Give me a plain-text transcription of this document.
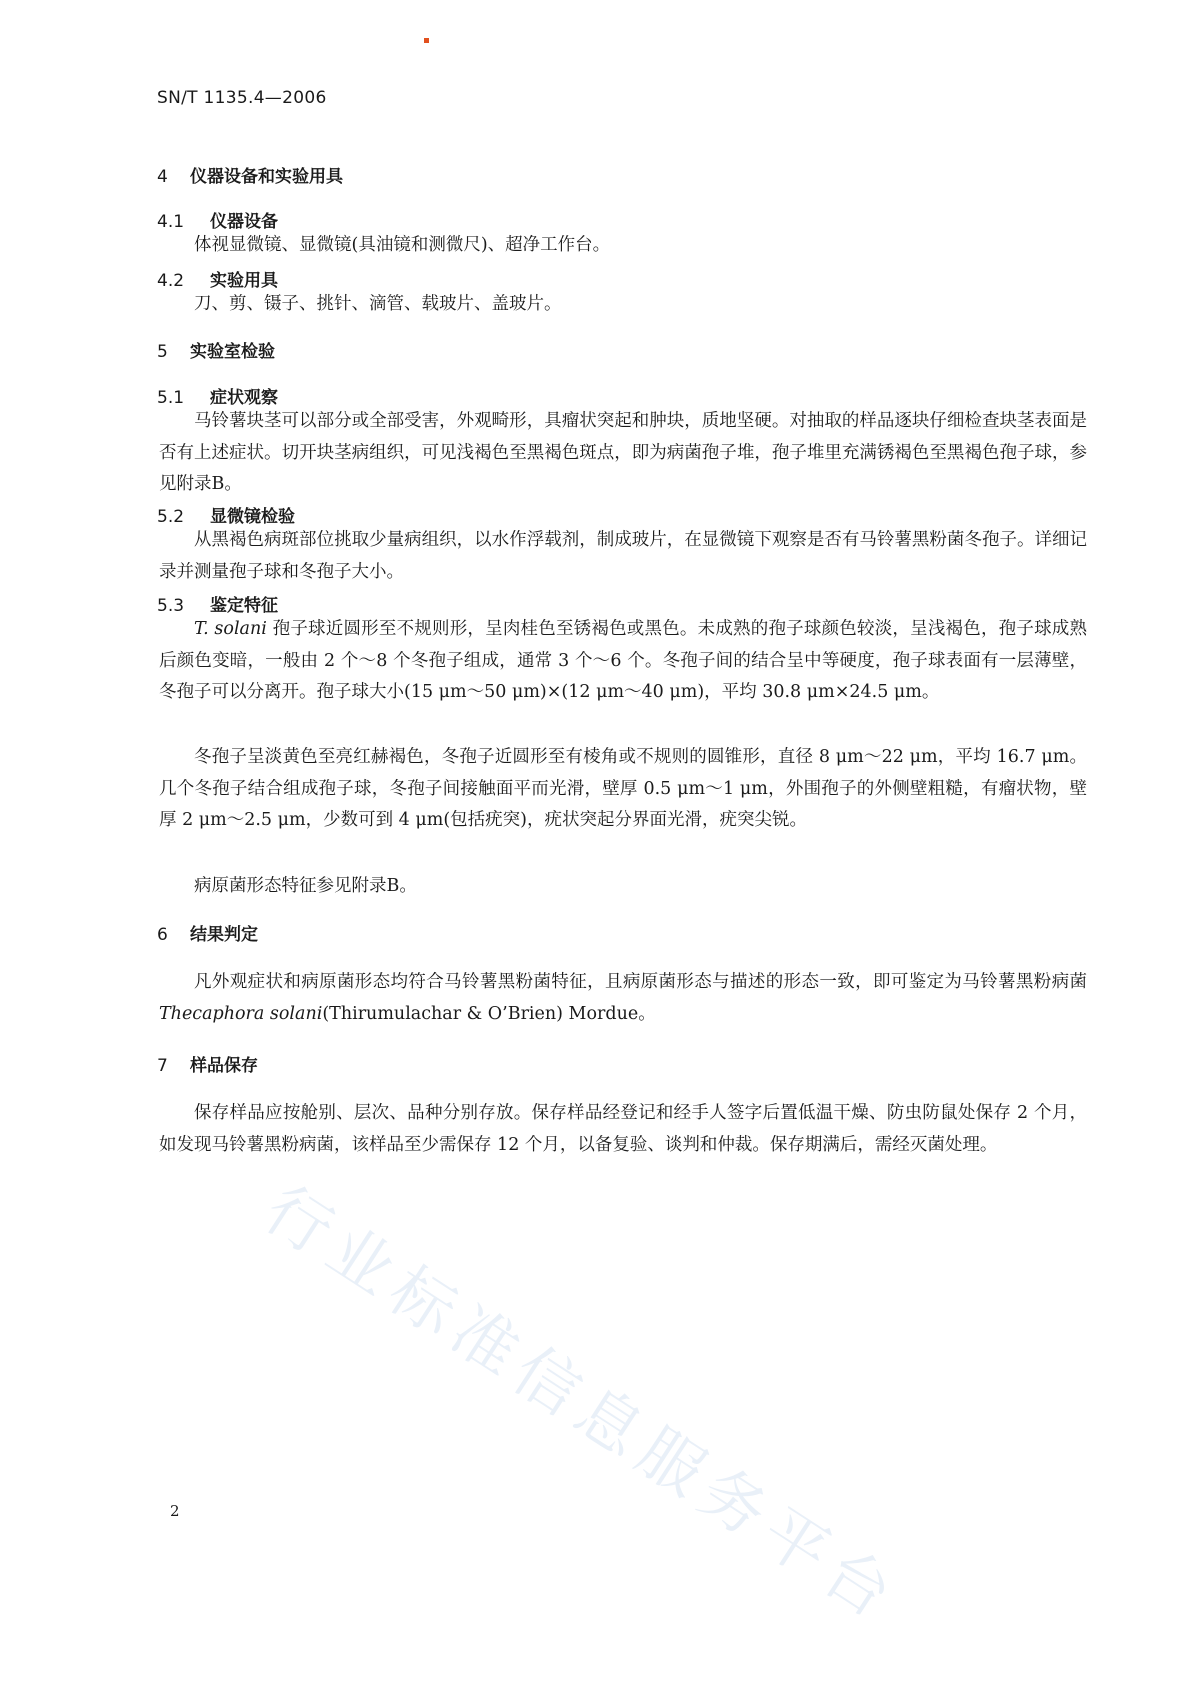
SN/T 1135.4—2006
4 仪器设备和实验用具
4.1 仪器设备

体视显微镜、显微镜(具油镜和测微尺)、超净工作台。

4.2 实验用具

刀、剪、镊子、挑针、滴管、载玻片、盖玻片。

5 实验室检验
5.1 症状观察

马铃薯块茎可以部分或全部受害，外观畸形，具瘤状突起和肿块，质地坚硬。对抽取的样品逐块仔细检查块茎表面是否有上述症状。切开块茎病组织，可见浅褐色至黑褐色斑点，即为病菌孢子堆，孢子堆里充满锈褐色至黑褐色孢子球，参见附录B。

5.2 显微镜检验

从黑褐色病斑部位挑取少量病组织，以水作浮载剂，制成玻片，在显微镜下观察是否有马铃薯黑粉菌冬孢子。详细记录并测量孢子球和冬孢子大小。

5.3 鉴定特征

T. solani 孢子球近圆形至不规则形，呈肉桂色至锈褐色或黑色。未成熟的孢子球颜色较淡，呈浅褐色，孢子球成熟后颜色变暗，一般由 2 个～8 个冬孢子组成，通常 3 个～6 个。冬孢子间的结合呈中等硬度，孢子球表面有一层薄壁，冬孢子可以分离开。孢子球大小(15 μm～50 μm)×(12 μm～40 μm)，平均 30.8 μm×24.5 μm。

冬孢子呈淡黄色至亮红赫褐色，冬孢子近圆形至有棱角或不规则的圆锥形，直径 8 μm～22 μm，平均 16.7 μm。几个冬孢子结合组成孢子球，冬孢子间接触面平而光滑，壁厚 0.5 μm～1 μm，外围孢子的外侧壁粗糙，有瘤状物，壁厚 2 μm～2.5 μm，少数可到 4 μm(包括疣突)，疣状突起分界面光滑，疣突尖锐。

病原菌形态特征参见附录B。

6 结果判定

凡外观症状和病原菌形态均符合马铃薯黑粉菌特征，且病原菌形态与描述的形态一致，即可鉴定为马铃薯黑粉病菌 Thecaphora solani(Thirumulachar & O’Brien) Mordue。

7 样品保存

保存样品应按舱别、层次、品种分别存放。保存样品经登记和经手人签字后置低温干燥、防虫防鼠处保存 2 个月，如发现马铃薯黑粉病菌，该样品至少需保存 12 个月，以备复验、谈判和仲裁。保存期满后，需经灭菌处理。

2 行业标准信息服务平台
